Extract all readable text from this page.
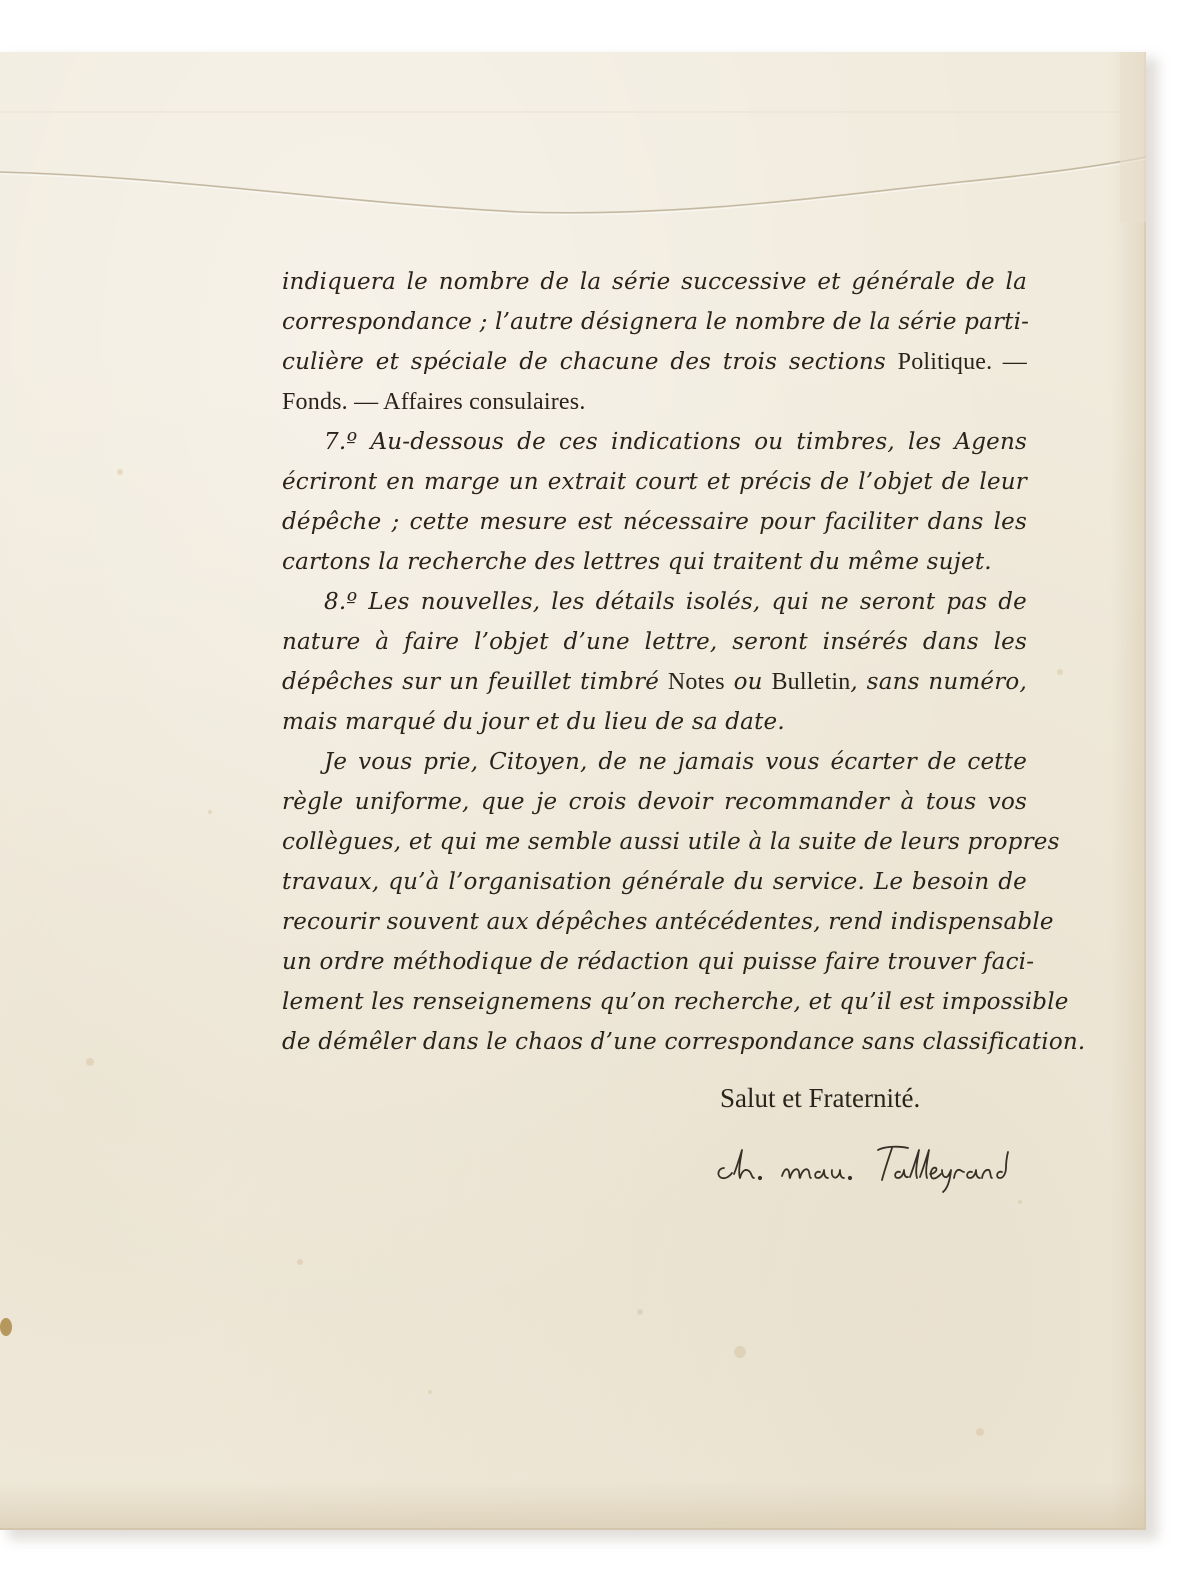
indiquera le nombre de la série successive et générale de la
correspondance ; l’autre désignera le nombre de la série parti-
culière et spéciale de chacune des trois sections Politique. —
Fonds. — Affaires consulaires.
7.º Au-dessous de ces indications ou timbres, les Agens
écriront en marge un extrait court et précis de l’objet de leur
dépêche ; cette mesure est nécessaire pour faciliter dans les
cartons la recherche des lettres qui traitent du même sujet.
8.º Les nouvelles, les détails isolés, qui ne seront pas de
nature à faire l’objet d’une lettre, seront insérés dans les
dépêches sur un feuillet timbré Notes ou Bulletin, sans numéro,
mais marqué du jour et du lieu de sa date.
Je vous prie, Citoyen, de ne jamais vous écarter de cette
règle uniforme, que je crois devoir recommander à tous vos
collègues, et qui me semble aussi utile à la suite de leurs propres
travaux, qu’à l’organisation générale du service. Le besoin de
recourir souvent aux dépêches antécédentes, rend indispensable
un ordre méthodique de rédaction qui puisse faire trouver faci-
lement les renseignemens qu’on recherche, et qu’il est impossible
de démêler dans le chaos d’une correspondance sans classification.
Salut et Fraternité.
